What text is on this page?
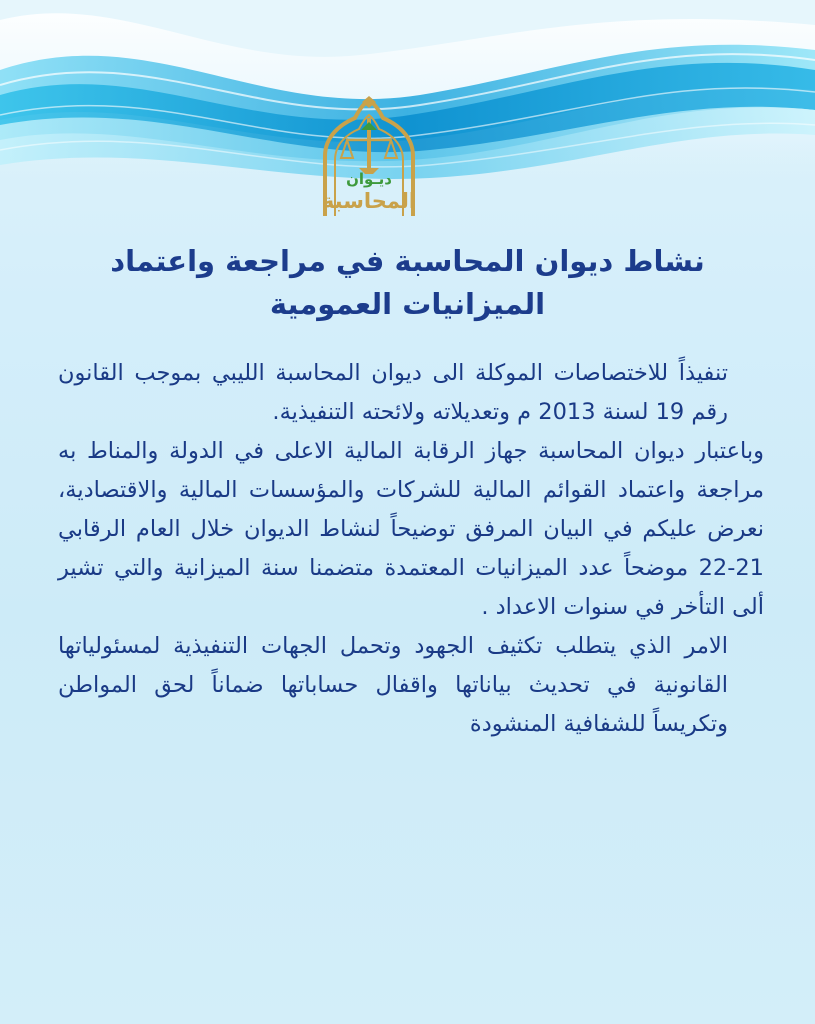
ديـوان
المحاسبة
نشاط ديوان المحاسبة في مراجعة واعتماد
الميزانيات العمومية

تنفيذاً للاختصاصات الموكلة الى ديوان المحاسبة الليبي بموجب القانون رقم 19 لسنة 2013 م وتعديلاته ولائحته التنفيذية.

وباعتبار ديوان المحاسبة جهاز الرقابة المالية الاعلى في الدولة والمناط به مراجعة واعتماد القوائم المالية للشركات والمؤسسات المالية والاقتصادية، نعرض عليكم في البيان المرفق توضيحاً لنشاط الديوان خلال العام الرقابي 21-22 موضحاً عدد الميزانيات المعتمدة متضمنا سنة الميزانية والتي تشير ألى التأخر في سنوات الاعداد .

الامر الذي يتطلب تكثيف الجهود وتحمل الجهات التنفيذية لمسئولياتها القانونية في تحديث بياناتها واقفال حساباتها ضماناً لحق المواطن وتكريساً للشفافية المنشودة
